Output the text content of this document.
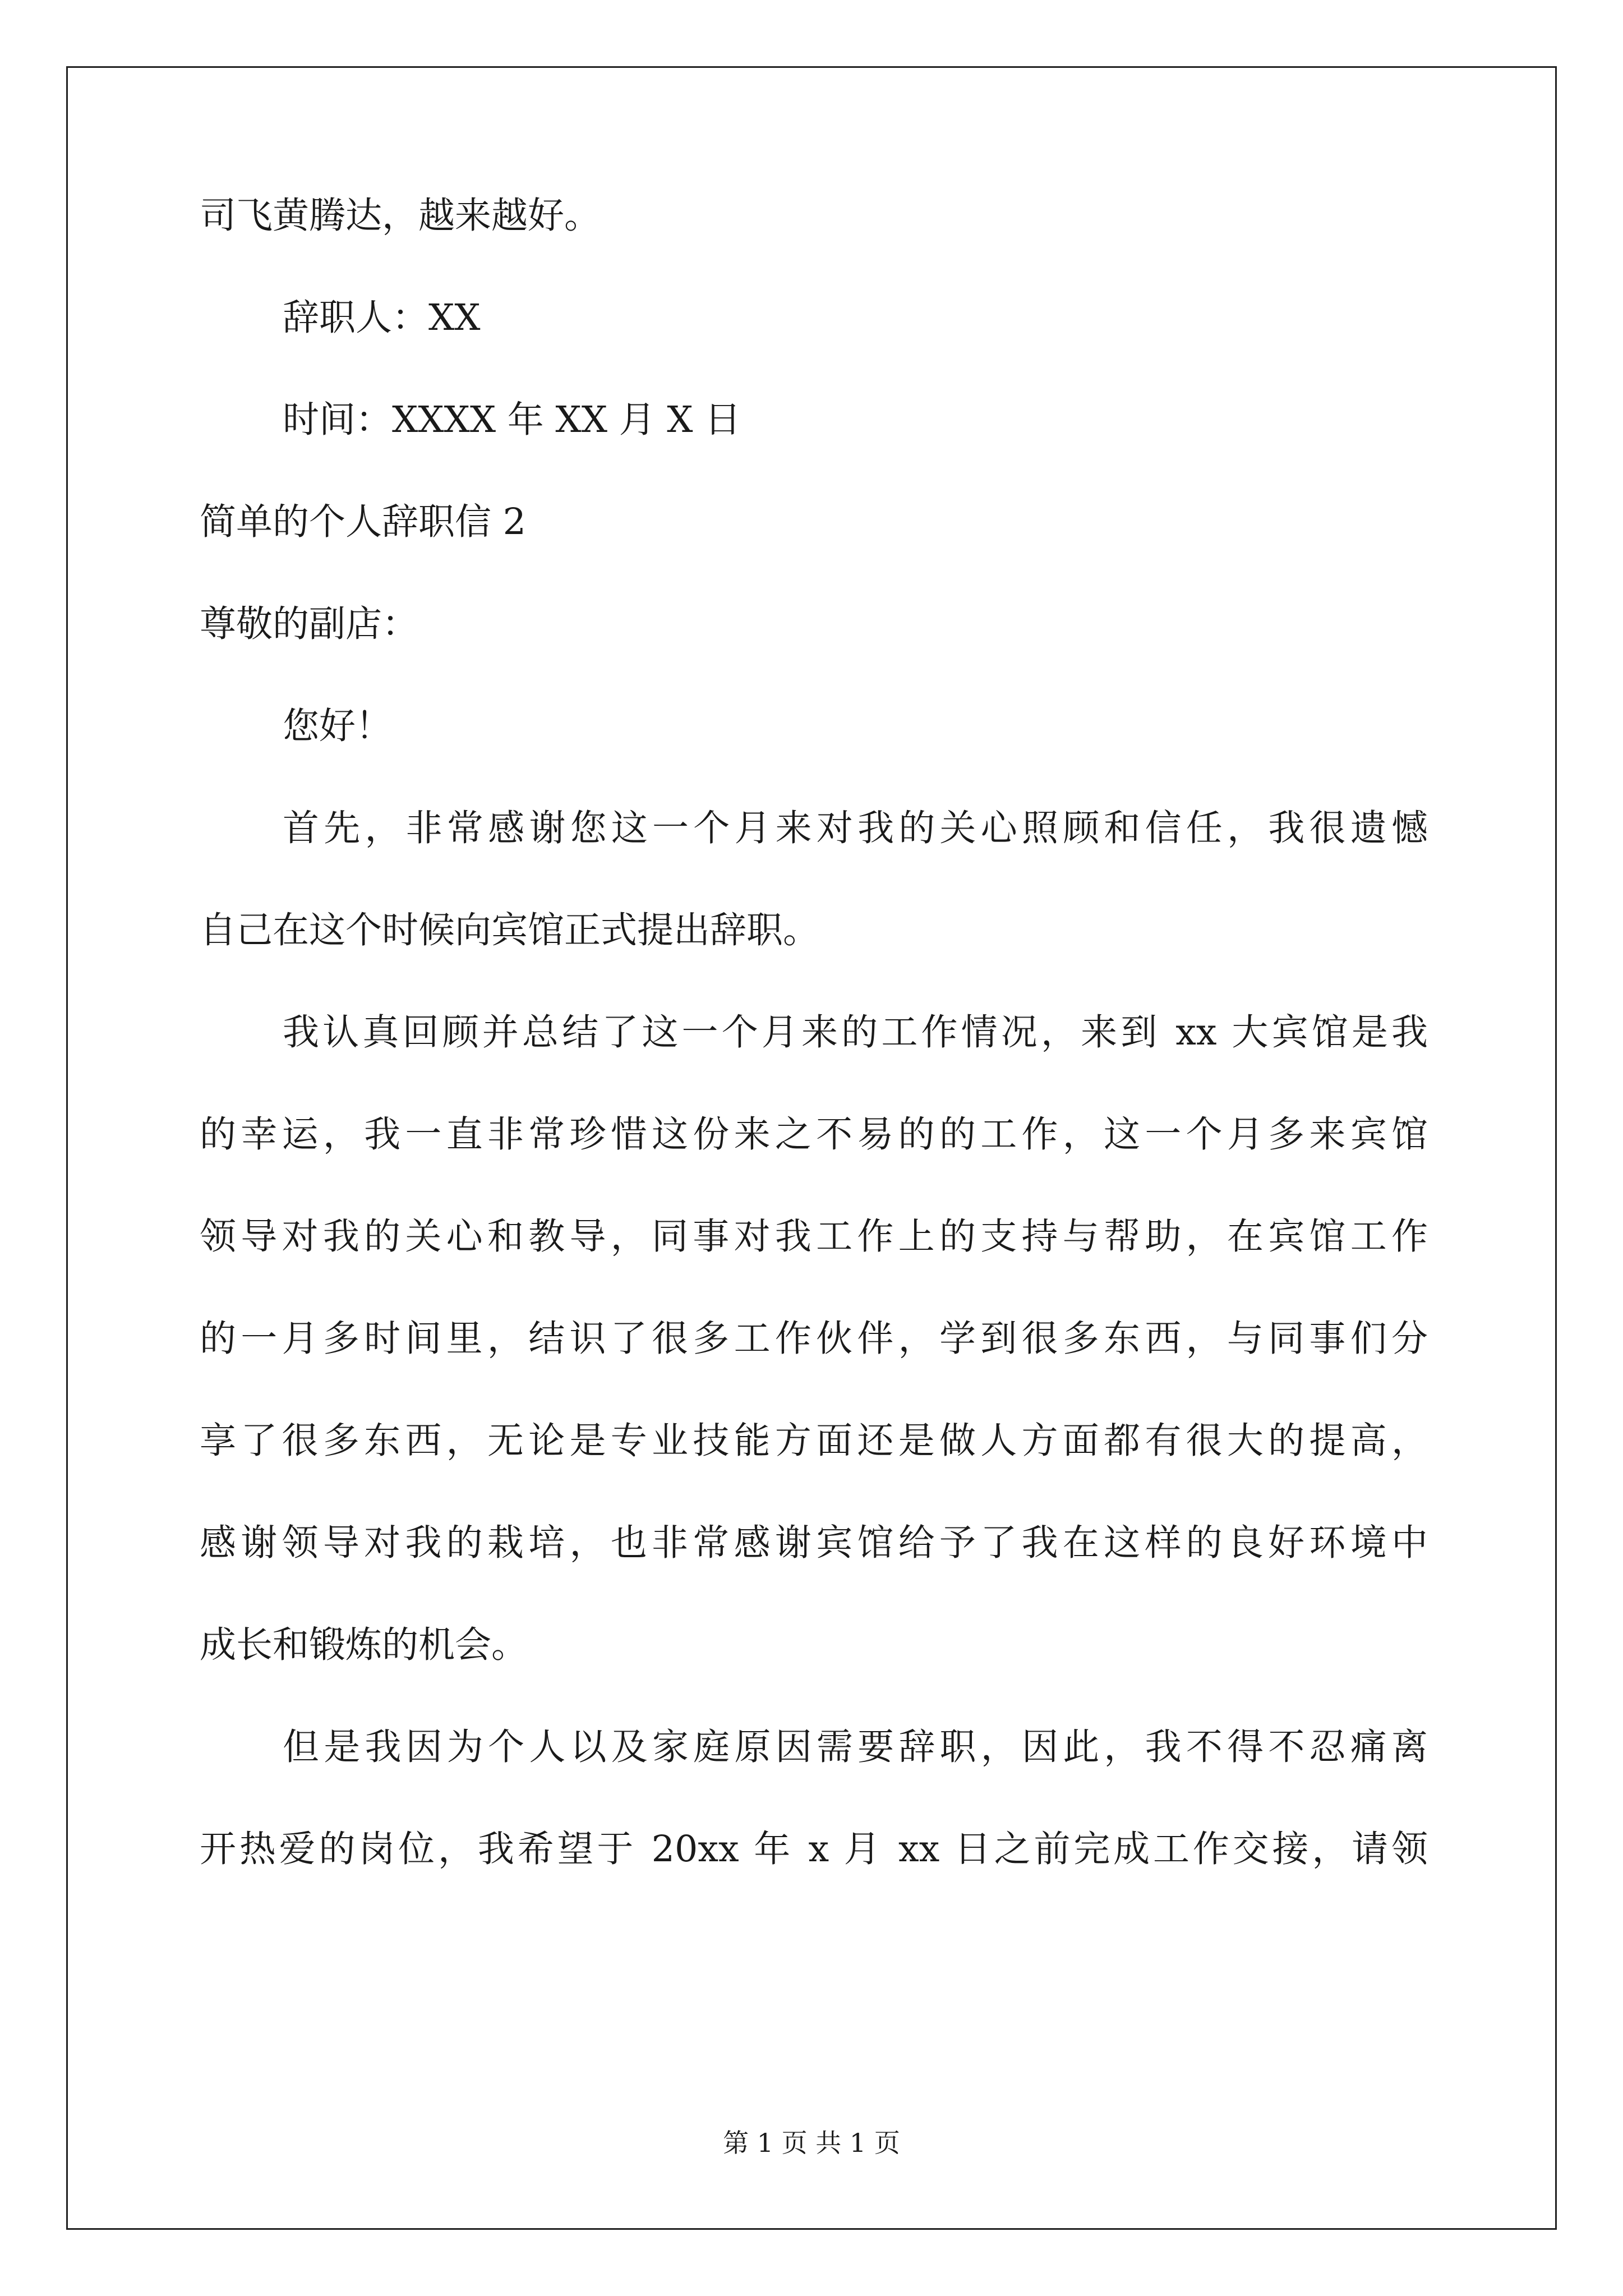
司飞黄腾达，越来越好。
辞职人：XX
时间：XXXX 年 XX 月 X 日
简单的个人辞职信 2
尊敬的副店：
您好！
首先，非常感谢您这一个月来对我的关心照顾和信任，我很遗憾
自己在这个时候向宾馆正式提出辞职。
我认真回顾并总结了这一个月来的工作情况，来到 xx 大宾馆是我
的幸运，我一直非常珍惜这份来之不易的的工作，这一个月多来宾馆
领导对我的关心和教导，同事对我工作上的支持与帮助，在宾馆工作
的一月多时间里，结识了很多工作伙伴，学到很多东西，与同事们分
享了很多东西，无论是专业技能方面还是做人方面都有很大的提高，
感谢领导对我的栽培，也非常感谢宾馆给予了我在这样的良好环境中
成长和锻炼的机会。
但是我因为个人以及家庭原因需要辞职，因此，我不得不忍痛离
开热爱的岗位，我希望于 20xx 年 x 月 xx 日之前完成工作交接，请领
第 1 页 共 1 页
